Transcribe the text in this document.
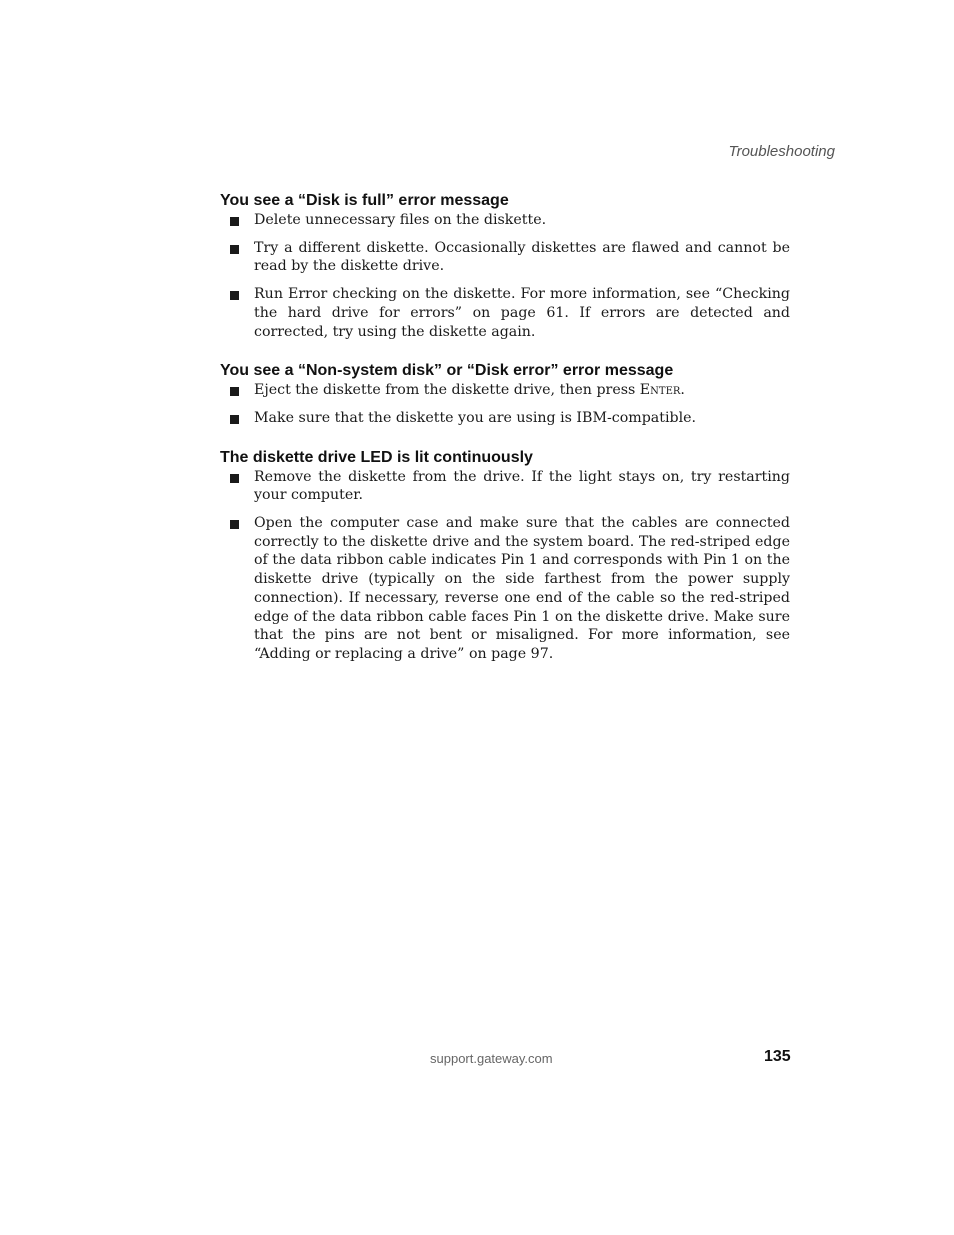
Troubleshooting
You see a “Disk is full” error message
Delete unnecessary files on the diskette.
Try a different diskette. Occasionally diskettes are flawed and cannot be read by the diskette drive.
Run Error checking on the diskette. For more information, see “Checking the hard drive for errors” on page 61. If errors are detected and corrected, try using the diskette again.
You see a “Non-system disk” or “Disk error” error message
Eject the diskette from the diskette drive, then press Enter.
Make sure that the diskette you are using is IBM-compatible.
The diskette drive LED is lit continuously
Remove the diskette from the drive. If the light stays on, try restarting your computer.
Open the computer case and make sure that the cables are connected correctly to the diskette drive and the system board. The red-striped edge of the data ribbon cable indicates Pin 1 and corresponds with Pin 1 on the diskette drive (typically on the side farthest from the power supply connection). If necessary, reverse one end of the cable so the red-striped edge of the data ribbon cable faces Pin 1 on the diskette drive. Make sure that the pins are not bent or misaligned. For more information, see “Adding or replacing a drive” on page 97.
support.gateway.com	135
